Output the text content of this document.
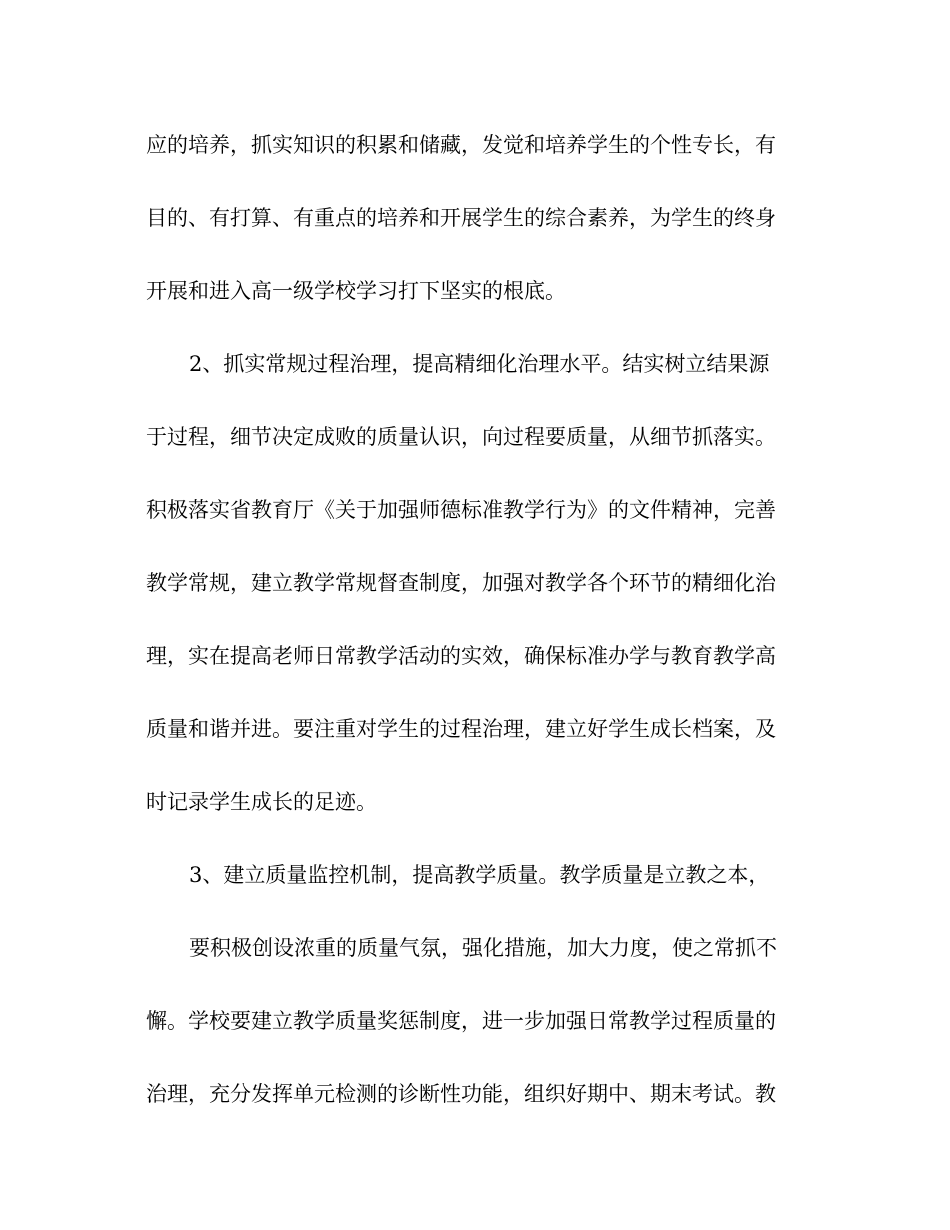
应的培养，抓实知识的积累和储藏，发觉和培养学生的个性专长，有
目的、有打算、有重点的培养和开展学生的综合素养，为学生的终身
开展和进入高一级学校学习打下坚实的根底。
2、抓实常规过程治理，提高精细化治理水平。结实树立结果源
于过程，细节决定成败的质量认识，向过程要质量，从细节抓落实。
积极落实省教育厅《关于加强师德标准教学行为》的文件精神，完善
教学常规，建立教学常规督查制度，加强对教学各个环节的精细化治
理，实在提高老师日常教学活动的实效，确保标准办学与教育教学高
质量和谐并进。要注重对学生的过程治理，建立好学生成长档案，及
时记录学生成长的足迹。
3、建立质量监控机制，提高教学质量。教学质量是立教之本，
要积极创设浓重的质量气氛，强化措施，加大力度，使之常抓不
懈。学校要建立教学质量奖惩制度，进一步加强日常教学过程质量的
治理，充分发挥单元检测的诊断性功能，组织好期中、期末考试。教
